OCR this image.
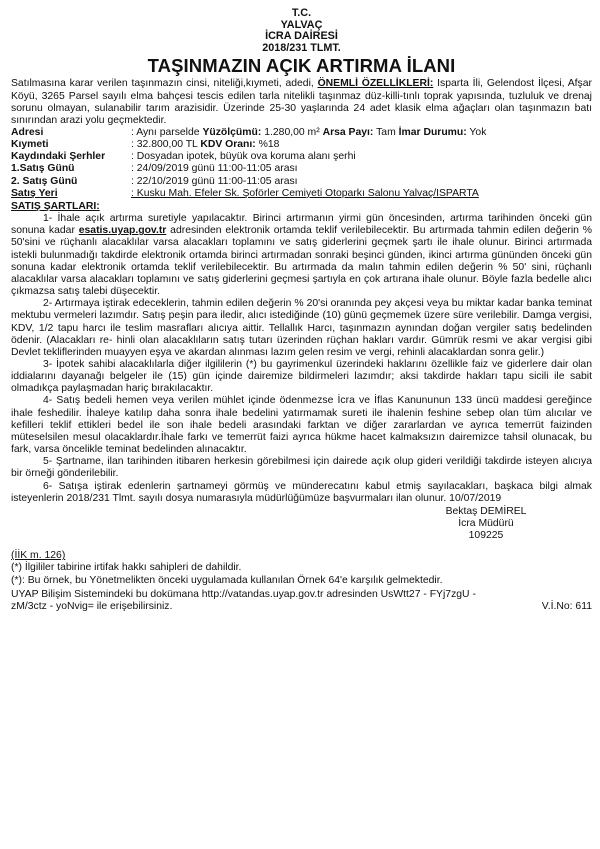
T.C.
YALVAÇ
İCRA DAİRESİ
2018/231 TLMT.
TAŞINMAZIN AÇIK ARTIRMA İLANI
Satılmasına karar verilen taşınmazın cinsi, niteliği,kıymeti, adedi, ÖNEMLİ ÖZELLİKLERİ: Isparta İli, Gelendost İlçesi, Afşar Köyü, 3265 Parsel sayılı elma bahçesi tescis edilen tarla nitelikli taşınmaz düz-killi-tınlı toprak yapısında, tuzluluk ve drenaj sorunu olmayan, sulanabilir tarım arazisidir. Üzerinde 25-30 yaşlarında 24 adet klasik elma ağaçları olan taşınmazın batı sınırından arazi yolu geçmektedir.
Adresi	: Aynı parselde Yüzölçümü: 1.280,00 m² Arsa Payı: Tam İmar Durumu: Yok
Kıymeti	: 32.800,00 TL KDV Oranı: %18
Kaydındaki Şerhler	: Dosyadan ipotek, büyük ova koruma alanı şerhi
1.Satış Günü	: 24/09/2019 günü 11:00-11:05 arası
2. Satış Günü	: 22/10/2019 günü 11:00-11:05 arası
Satış Yeri	: Kusku Mah. Efeler Sk. Şoförler Cemiyeti Otoparkı Salonu Yalvaç/ISPARTA
SATIŞ ŞARTLARI:
1- İhale açık artırma suretiyle yapılacaktır. Birinci artırmanın yirmi gün öncesinden, artırma tarihinden önceki gün sonuna kadar esatis.uyap.gov.tr adresinden elektronik ortamda teklif verilebilecektir. Bu artırmada tahmin edilen değerin % 50'sini ve rüçhanlı alacaklılar varsa alacakları toplamını ve satış giderlerini geçmek şartı ile ihale olunur. Birinci artırmada istekli bulunmadığı takdirde elektronik ortamda birinci artırmadan sonraki beşinci günden, ikinci artırma gününden önceki gün sonuna kadar elektronik ortamda teklif verilebilecektir. Bu artırmada da malın tahmin edilen değerin % 50' sini, rüçhanlı alacaklılar varsa alacakları toplamını ve satış giderlerini geçmesi şartıyla en çok artırana ihale olunur. Böyle fazla bedelle alıcı çıkmazsa satış talebi düşecektir.
2- Artırmaya iştirak edeceklerin, tahmin edilen değerin % 20'si oranında pey akçesi veya bu miktar kadar banka teminat mektubu vermeleri lazımdır. Satış peşin para iledir, alıcı istediğinde (10) günü geçmemek üzere süre verilebilir. Damga vergisi, KDV, 1/2 tapu harcı ile teslim masrafları alıcıya aittir. Tellallık Harcı, taşınmazın aynından doğan vergiler satış bedelinden ödenir. (Alacakları re- hinli olan alacaklıların satış tutarı üzerinden rüçhan hakları vardır. Gümrük resmi ve akar vergisi gibi Devlet tekliflerinden muayyen eşya ve akardan alınması lazım gelen resim ve vergi, rehinli alacaklardan sonra gelir.)
3- İpotek sahibi alacaklılarla diğer ilgililerin (*) bu gayrimenkul üzerindeki haklarını özellikle faiz ve giderlere dair olan iddialarını dayanağı belgeler ile (15) gün içinde dairemize bildirmeleri lazımdır; aksi takdirde hakları tapu sicili ile sabit olmadıkça paylaşmadan hariç bırakılacaktır.
4- Satış bedeli hemen veya verilen mühlet içinde ödenmezse İcra ve İflas Kanununun 133 üncü maddesi gereğince ihale feshedilir. İhaleye katılıp daha sonra ihale bedelini yatırmamak sureti ile ihalenin feshine sebep olan tüm alıcılar ve kefilleri teklif ettikleri bedel ile son ihale bedeli arasındaki farktan ve diğer zararlardan ve ayrıca temerrüt faizinden müteselsilen mesul olacaklardır.İhale farkı ve temerrüt faizi ayrıca hükme hacet kalmaksızın dairemizce tahsil olunacak, bu fark, varsa öncelikle teminat bedelinden alınacaktır.
5- Şartname, ilan tarihinden itibaren herkesin görebilmesi için dairede açık olup gideri verildiği takdirde isteyen alıcıya bir örneği gönderilebilir.
6- Satışa iştirak edenlerin şartnameyi görmüş ve münderecatını kabul etmiş sayılacakları, başkaca bilgi almak isteyenlerin 2018/231 Tlmt. sayılı dosya numarasıyla müdürlüğümüze başvurmaları ilan olunur. 10/07/2019
Bektaş DEMİREL
İcra Müdürü
109225
(İİK m. 126)
(*) İlgililer tabirine irtifak hakkı sahipleri de dahildir.
(*): Bu örnek, bu Yönetmelikten önceki uygulamada kullanılan Örnek 64'e karşılık gelmektedir.
UYAP Bilişim Sistemindeki bu dokümana http://vatandas.uyap.gov.tr adresinden UsWtt27 - FYj7zgU -
zM/3ctz - yoNvig= ile erişebilirsiniz.	V.İ.No: 611
